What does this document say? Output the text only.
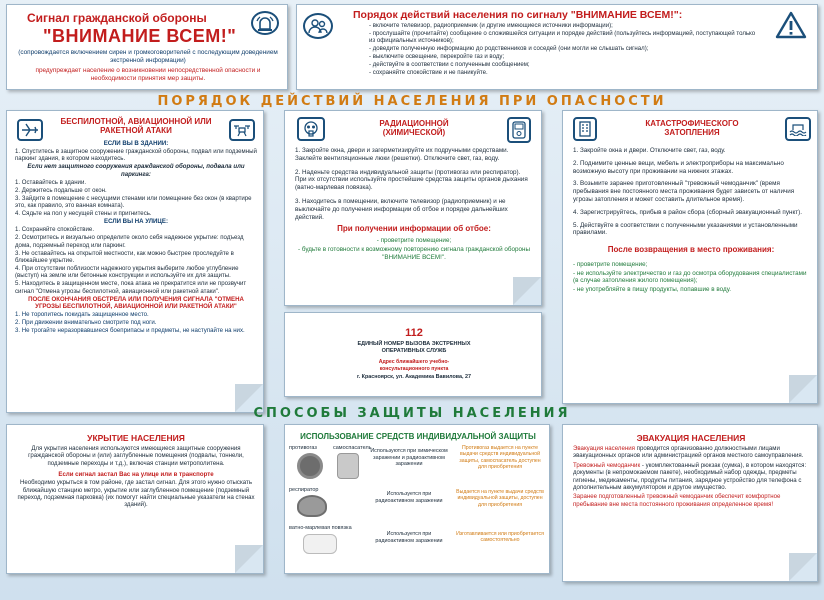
Сигнал гражданской обороны
"ВНИМАНИЕ ВСЕМ!"
(сопровождается включением сирен и громкоговорителей с последующим доведением экстренной информации)
предупреждает население о возникновении непосредственной опасности и необходимости принятия мер защиты.
Порядок действий населения по сигналу "ВНИМАНИЕ ВСЕМ!":

- включите телевизор, радиоприемник (и другие имеющиеся источники информации);

- прослушайте (прочитайте) сообщение о сложившейся ситуации и порядке действий (пользуйтесь информацией, поступающей только из официальных источников);

- доведите полученную информацию до родственников и соседей (они могли не слышать сигнал);

- выключите освещение, перекройте газ и воду;

- действуйте в соответствии с полученным сообщением;

- сохраняйте спокойствие и не паникуйте.

ПОРЯДОК ДЕЙСТВИЙ НАСЕЛЕНИЯ ПРИ ОПАСНОСТИ
БЕСПИЛОТНОЙ, АВИАЦИОННОЙ ИЛИ РАКЕТНОЙ АТАКИ

ЕСЛИ ВЫ В ЗДАНИИ:

1. Спуститесь в защитное сооружение гражданской обороны, подвал или подземный паркинг здания, в котором находитесь.

Если нет защитного сооружения гражданской обороны, подвала или паркинга:

1. Оставайтесь в здании.

2. Держитесь подальше от окон.

3. Зайдите в помещение с несущими стенами или помещение без окон (в квартире это, как правило, это ванная комната).

4. Сядьте на пол у несущей стены и пригнитесь.

ЕСЛИ ВЫ НА УЛИЦЕ:

1. Сохраняйте спокойствие.

2. Осмотритесь и визуально определите около себя надежное укрытие: подъезд дома, подземный переход или паркинг.

3. Не оставайтесь на открытой местности, как можно быстрее проследуйте в ближайшее укрытие.

4. При отсутствии поблизости надежного укрытия выберите любое углубление (выступ) на земле или бетонные конструкции и используйте их для защиты.

5. Находитесь в защищенном месте, пока атака не прекратится или не прозвучит сигнал "Отмена угрозы беспилотной, авиационной или ракетной атаки".

ПОСЛЕ ОКОНЧАНИЯ ОБСТРЕЛА ИЛИ ПОЛУЧЕНИЯ СИГНАЛА "ОТМЕНА УГРОЗЫ БЕСПИЛОТНОЙ, АВИАЦИОННОЙ ИЛИ РАКЕТНОЙ АТАКИ"

1. Не торопитесь покидать защищенное место.

2. При движении внимательно смотрите под ноги.

3. Не трогайте неразорвавшиеся боеприпасы и предметы, не наступайте на них.

РАДИАЦИОННОЙ (ХИМИЧЕСКОЙ)

1. Закройте окна, двери и загерметизируйте их подручными средствами. Заклейте вентиляционные люки (решетки). Отключите свет, газ, воду.

2. Наденьте средства индивидуальной защиты (противогаз или респиратор). При их отсутствии используйте простейшие средства защиты органов дыхания (ватно-марлевая повязка).

3. Находитесь в помещении, включите телевизор (радиоприемник) и не выключайте до получения информации об отбое и порядке дальнейших действий.

При получении информации об отбое:

- проветрите помещение;

- будьте в готовности к возможному повторению сигнала гражданской обороны "ВНИМАНИЕ ВСЕМ!".

112
ЕДИНЫЙ НОМЕР ВЫЗОВА ЭКСТРЕННЫХ ОПЕРАТИВНЫХ СЛУЖБ
Адрес ближайшего учебно-консультационного пункта
г. Красноярск, ул. Академика Вавилова, 27
КАТАСТРОФИЧЕСКОГО ЗАТОПЛЕНИЯ

1. Закройте окна и двери. Отключите свет, газ, воду.

2. Поднимите ценные вещи, мебель и электроприборы на максимально возможную высоту при проживании на нижних этажах.

3. Возьмите заранее приготовленный "тревожный чемоданчик" (время пребывания вне постоянного места проживания будет зависеть от наличия угрозы затопления и может составить длительное время).

4. Зарегистрируйтесь, прибыв в район сбора (сборный эвакуационный пункт).

5. Действуйте в соответствии с полученными указаниями и установленными правилами.

После возвращения в место проживания:

- проветрите помещение;

- не используйте электричество и газ до осмотра оборудования специалистами (в случае затопления жилого помещения);

- не употребляйте в пищу продукты, попавшие в воду.

СПОСОБЫ ЗАЩИТЫ НАСЕЛЕНИЯ
УКРЫТИЕ НАСЕЛЕНИЯ

Для укрытия населения используются имеющиеся защитные сооружения гражданской обороны и (или) заглубленные помещения (подвалы, тоннели, подземные переходы и т.д.), включая станции метрополитена.

Если сигнал застал Вас на улице или в транспорте

Необходимо укрыться в том районе, где застал сигнал. Для этого нужно отыскать ближайшую станцию метро, укрытие или заглубленное помещение (подземный переход, подземная парковка) (их помогут найти специальные указатели на стенах зданий).

ИСПОЛЬЗОВАНИЕ СРЕДСТВ ИНДИВИДУАЛЬНОЙ ЗАЩИТЫ
противогаз	самоспасатель
Используются при химическом заражении и радиоактивном заражении
Противогаз выдается на пункте выдачи средств индивидуальной защиты, самоспасатель доступен для приобретения
респиратор
Используется при радиоактивном заражении
Выдается на пункте выдачи средств индивидуальной защиты, доступен для приобретения
ватно-марлевая повязка
Используется при радиоактивном заражении
Изготавливается или приобретается самостоятельно
ЭВАКУАЦИЯ НАСЕЛЕНИЯ

Эвакуация населения проводится организованно должностными лицами эвакуационных органов или администрацией органов местного самоуправления.

Тревожный чемоданчик - укомплектованный рюкзак (сумка), в котором находятся: документы (в непромокаемом пакете), необходимый набор одежды, предметы гигиены, медикаменты, продукты питания, зарядное устройство для телефона с дополнительным аккумулятором и другое имущество.

Заранее подготовленный тревожный чемоданчик обеспечит комфортное пребывание вне места постоянного проживания определенное время!
